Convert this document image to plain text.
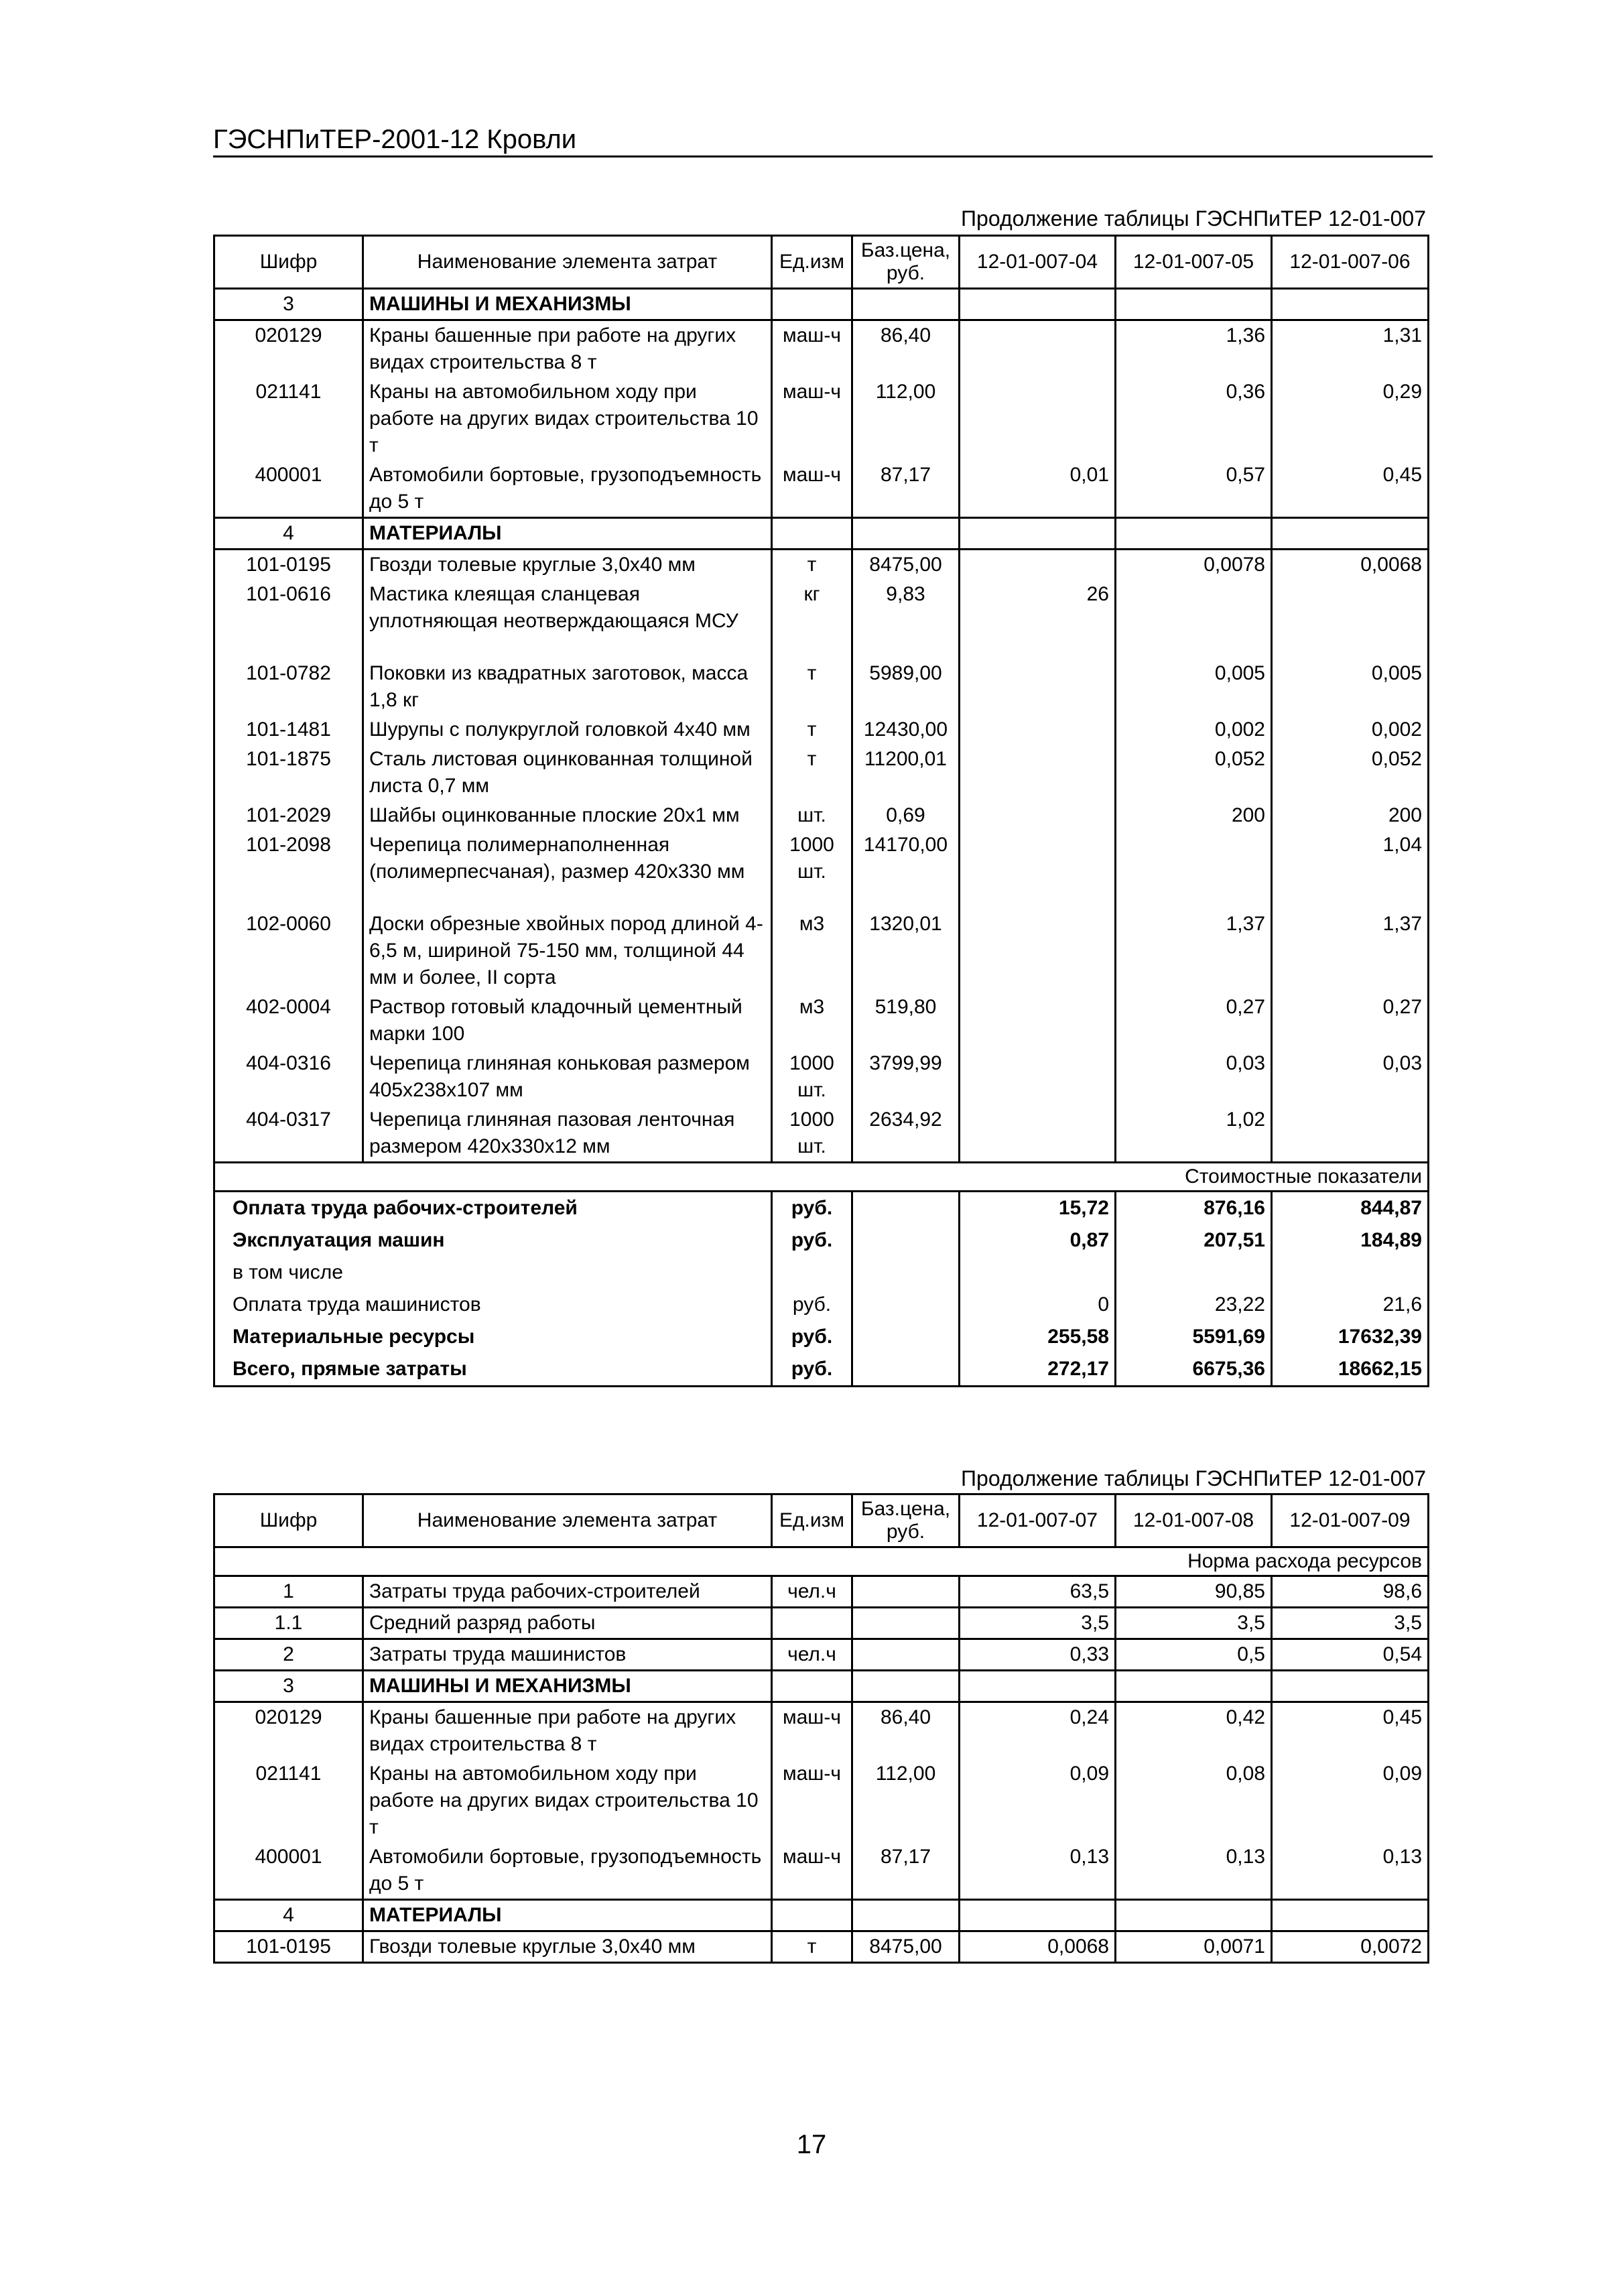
ГЭСНПиТЕР-2001-12 Кровли
Продолжение таблицы ГЭСНПиТЕР 12-01-007
Шифр	Наименование элемента затрат	Ед.изм	Баз.цена, руб.	12-01-007-04	12-01-007-05	12-01-007-06
3	МАШИНЫ И МЕХАНИЗМЫ					
020129	Краны башенные при работе на других видах строительства 8 т	маш-ч	86,40		1,36	1,31
021141	Краны на автомобильном ходу при работе на других видах строительства 10 т	маш-ч	112,00		0,36	0,29
400001	Автомобили бортовые, грузоподъемность до 5 т	маш-ч	87,17	0,01	0,57	0,45
4	МАТЕРИАЛЫ					
101-0195	Гвозди толевые круглые 3,0х40 мм	т	8475,00		0,0078	0,0068
101-0616	Мастика клеящая сланцевая уплотняющая неотверждающаяся МСУ	кг	9,83	26		
101-0782	Поковки из квадратных заготовок, масса 1,8 кг	т	5989,00		0,005	0,005
101-1481	Шурупы с полукруглой головкой 4х40 мм	т	12430,00		0,002	0,002
101-1875	Сталь листовая оцинкованная толщиной листа 0,7 мм	т	11200,01		0,052	0,052
101-2029	Шайбы оцинкованные плоские 20х1 мм	шт.	0,69		200	200
101-2098	Черепица полимернаполненная (полимерпесчаная), размер 420х330 мм	1000 шт.	14170,00			1,04
102-0060	Доски обрезные хвойных пород длиной 4-6,5 м, шириной 75-150 мм, толщиной 44 мм и более, II сорта	м3	1320,01		1,37	1,37
402-0004	Раствор готовый кладочный цементный марки 100	м3	519,80		0,27	0,27
404-0316	Черепица глиняная коньковая размером 405х238х107 мм	1000 шт.	3799,99		0,03	0,03
404-0317	Черепица глиняная пазовая ленточная размером 420х330х12 мм	1000 шт.	2634,92		1,02	
Стоимостные показатели						
Оплата труда рабочих-строителей		руб.		15,72	876,16	844,87
Эксплуатация машин		руб.		0,87	207,51	184,89
в том числе						
Оплата труда машинистов		руб.		0	23,22	21,6
Материальные ресурсы		руб.		255,58	5591,69	17632,39
Всего, прямые затраты		руб.		272,17	6675,36	18662,15
Продолжение таблицы ГЭСНПиТЕР 12-01-007
Шифр	Наименование элемента затрат	Ед.изм	Баз.цена, руб.	12-01-007-07	12-01-007-08	12-01-007-09
Норма расхода ресурсов						
1	Затраты труда рабочих-строителей	чел.ч		63,5	90,85	98,6
1.1	Средний разряд работы			3,5	3,5	3,5
2	Затраты труда машинистов	чел.ч		0,33	0,5	0,54
3	МАШИНЫ И МЕХАНИЗМЫ					
020129	Краны башенные при работе на других видах строительства 8 т	маш-ч	86,40	0,24	0,42	0,45
021141	Краны на автомобильном ходу при работе на других видах строительства 10 т	маш-ч	112,00	0,09	0,08	0,09
400001	Автомобили бортовые, грузоподъемность до 5 т	маш-ч	87,17	0,13	0,13	0,13
4	МАТЕРИАЛЫ					
101-0195	Гвозди толевые круглые 3,0х40 мм	т	8475,00	0,0068	0,0071	0,0072
17
